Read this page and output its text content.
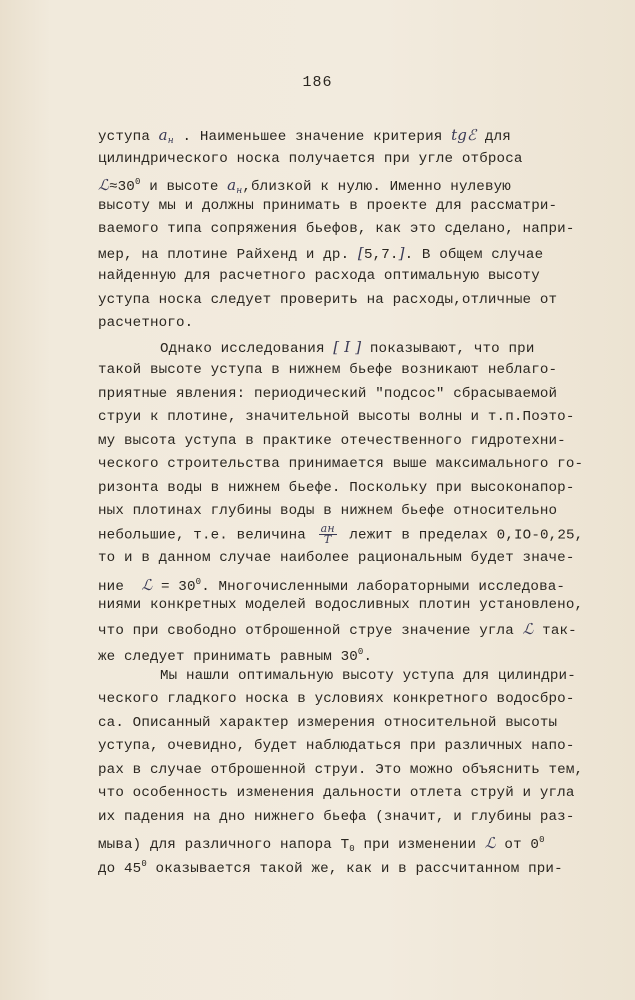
186
уступа $a_н$ . Наименьшее значение критерия tgℰ для
цилиндрического носка получается при угле отброса
$ℒ\approx 30^0$ и высоте $a_н,близкой$ к нулю. Именно нулевую
высоту мы и должны принимать в проекте для рассматри-
ваемого типа сопряжения бьефов, как это сделано, напри-
мер, на плотине Райхенд и др. [5,7.]. В общем случае
найденную для расчетного расхода оптимальную высоту
уступа носка следует проверить на расходы,отличные от
расчетного.
Однако исследования [ I ] показывают, что при
такой высоте уступа в нижнем бьефе возникают неблаго-
приятные явления: периодический "подсос" сбрасываемой
струи к плотине, значительной высоты волны и т.п.Поэто-
му высота уступа в практике отечественного гидротехни-
ческого строительства принимается выше максимального го-
ризонта воды в нижнем бьефе. Поскольку при высоконапор-
ных плотинах глубины воды в нижнем бьефе относительно
небольшие, т.е. величина $\frac{aн}{T}$ лежит в пределах 0,IO-0,25,
то и в данном случае наиболее рациональным будет значе-
ние  ℒ = $30^0$. Многочисленными лабораторными исследова-
ниями конкретных моделей водосливных плотин установлено,
что при свободно отброшенной струе значение угла ℒ так-
же следует принимать равным $30^0$.
Мы нашли оптимальную высоту уступа для цилиндри-
ческого гладкого носка в условиях конкретного водосбро-
са. Описанный характер измерения относительной высоты
уступа, очевидно, будет наблюдаться при различных напо-
рах в случае отброшенной струи. Это можно объяснить тем,
что особенность изменения дальности отлета струй и угла
их падения на дно нижнего бьефа (значит, и глубины раз-
мыва) для различного напора $T_0$ при изменении ℒ от $0^0$
до $45^0$ оказывается такой же, как и в рассчитанном при-
